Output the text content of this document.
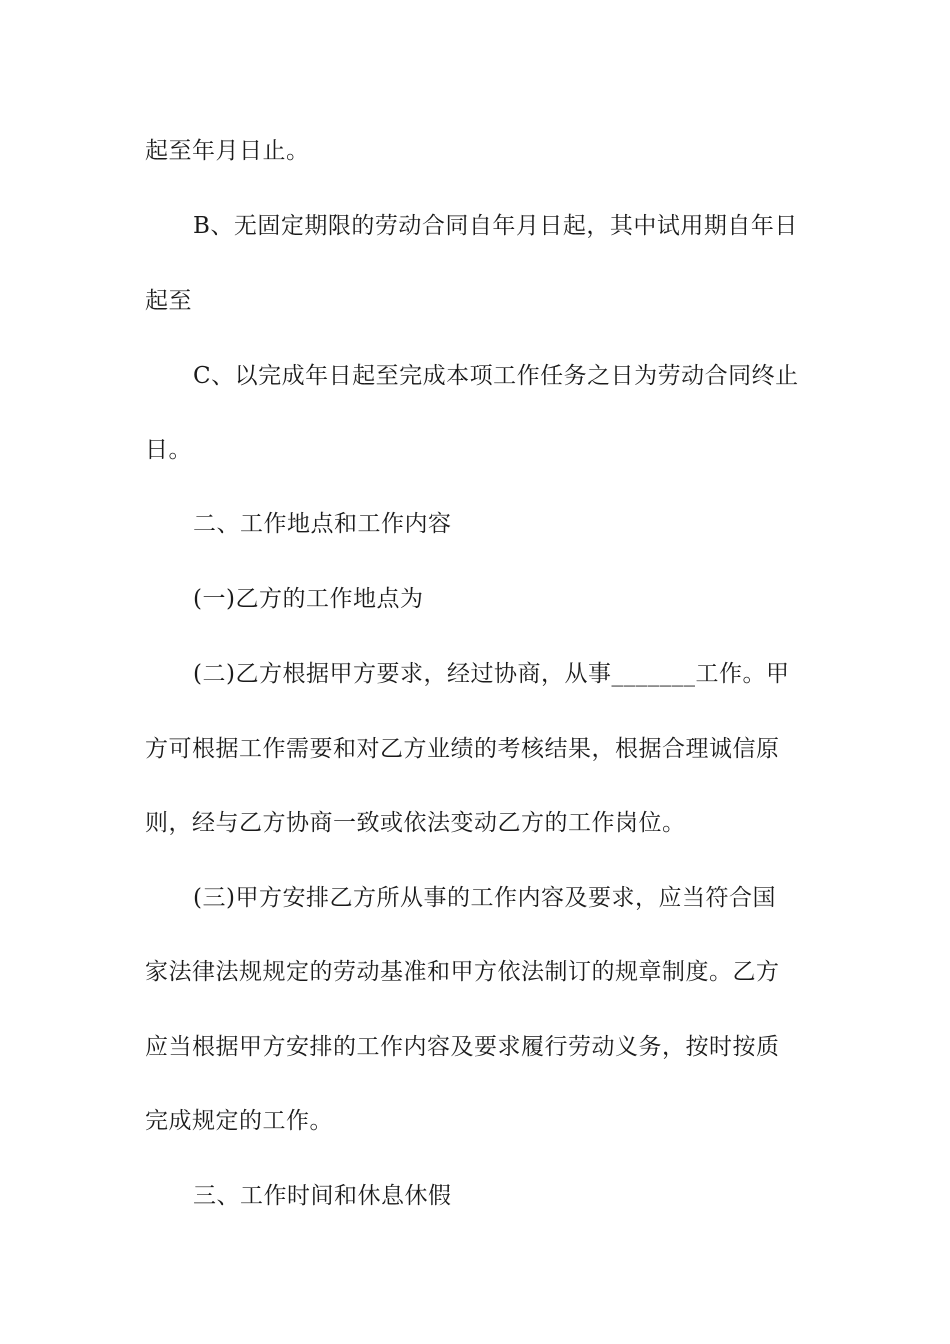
起至年月日止。
B、无固定期限的劳动合同自年月日起，其中试用期自年日
起至
C、以完成年日起至完成本项工作任务之日为劳动合同终止
日。
二、工作地点和工作内容
(一)乙方的工作地点为
(二)乙方根据甲方要求，经过协商，从事_______工作。甲
方可根据工作需要和对乙方业绩的考核结果，根据合理诚信原
则，经与乙方协商一致或依法变动乙方的工作岗位。
(三)甲方安排乙方所从事的工作内容及要求，应当符合国
家法律法规规定的劳动基准和甲方依法制订的规章制度。乙方
应当根据甲方安排的工作内容及要求履行劳动义务，按时按质
完成规定的工作。
三、工作时间和休息休假
